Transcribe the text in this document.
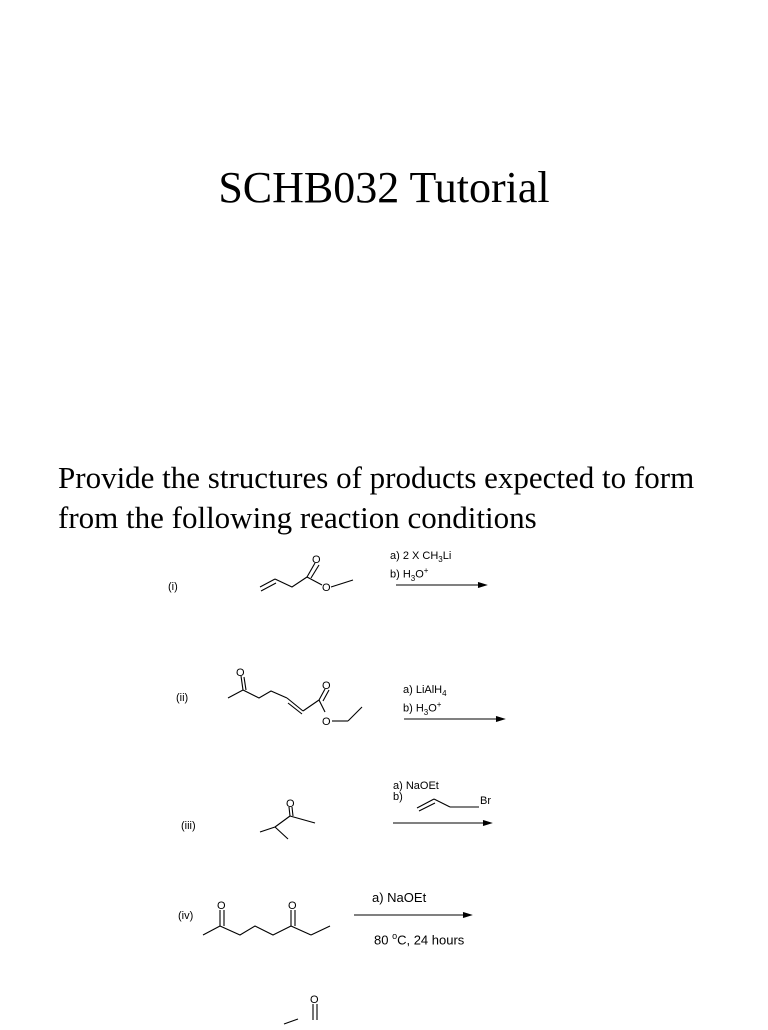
SCHB032 Tutorial
Provide the structures of products expected to form from the following reaction conditions
(i)
O
O
a) 2 X $CH_3Li$
b) $H_3O^+$
(ii)
O
O
O
a) LiAlH$_4$
b) $H_3O^+$
(iii)
O
a) NaOEt
b)	Br
(iv)
O	O
a) NaOEt
80 $^o$C, 24 hours
O
